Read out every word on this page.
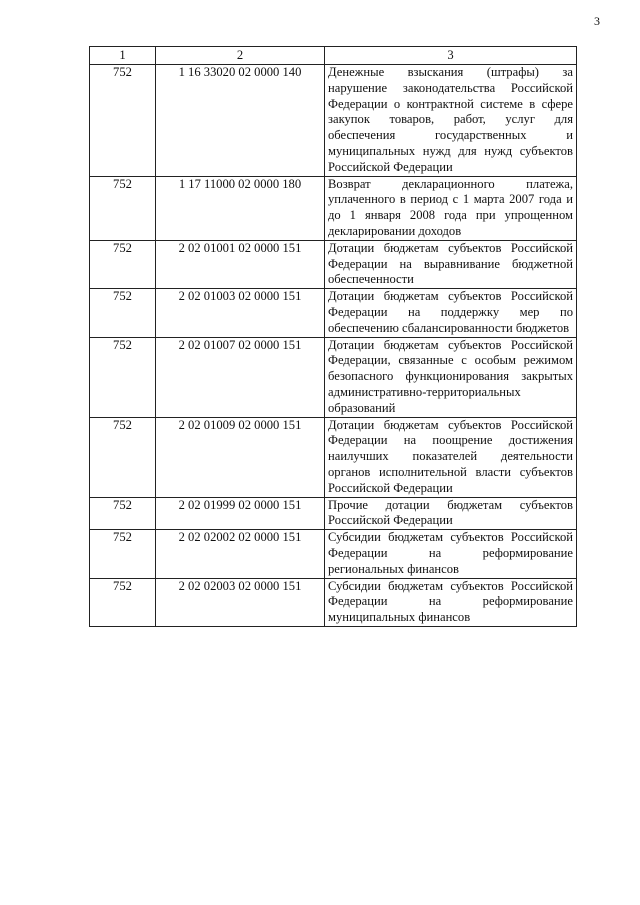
3
1	2	3
752	1 16 33020 02 0000 140	Денежные взыскания (штрафы) за нарушение законодательства Российской Федерации о контрактной системе в сфере закупок товаров, работ, услуг для обеспечения государственных и муниципальных нужд для нужд субъектов Российской Федерации
752	1 17 11000 02 0000 180	Возврат декларационного платежа, уплаченного в период с 1 марта 2007 года и до 1 января 2008 года при упрощенном декларировании доходов
752	2 02 01001 02 0000 151	Дотации бюджетам субъектов Российской Федерации на выравнивание бюджетной обеспеченности
752	2 02 01003 02 0000 151	Дотации бюджетам субъектов Российской Федерации на поддержку мер по обеспечению сбалансированности бюджетов
752	2 02 01007 02 0000 151	Дотации бюджетам субъектов Российской Федерации, связанные с особым режимом безопасного функционирования закрытых административно-территориальных образований
752	2 02 01009 02 0000 151	Дотации бюджетам субъектов Российской Федерации на поощрение достижения наилучших показателей деятельности органов исполнительной власти субъектов Российской Федерации
752	2 02 01999 02 0000 151	Прочие дотации бюджетам субъектов Российской Федерации
752	2 02 02002 02 0000 151	Субсидии бюджетам субъектов Российской Федерации на реформирование региональных финансов
752	2 02 02003 02 0000 151	Субсидии бюджетам субъектов Российской Федерации на реформирование муниципальных финансов
